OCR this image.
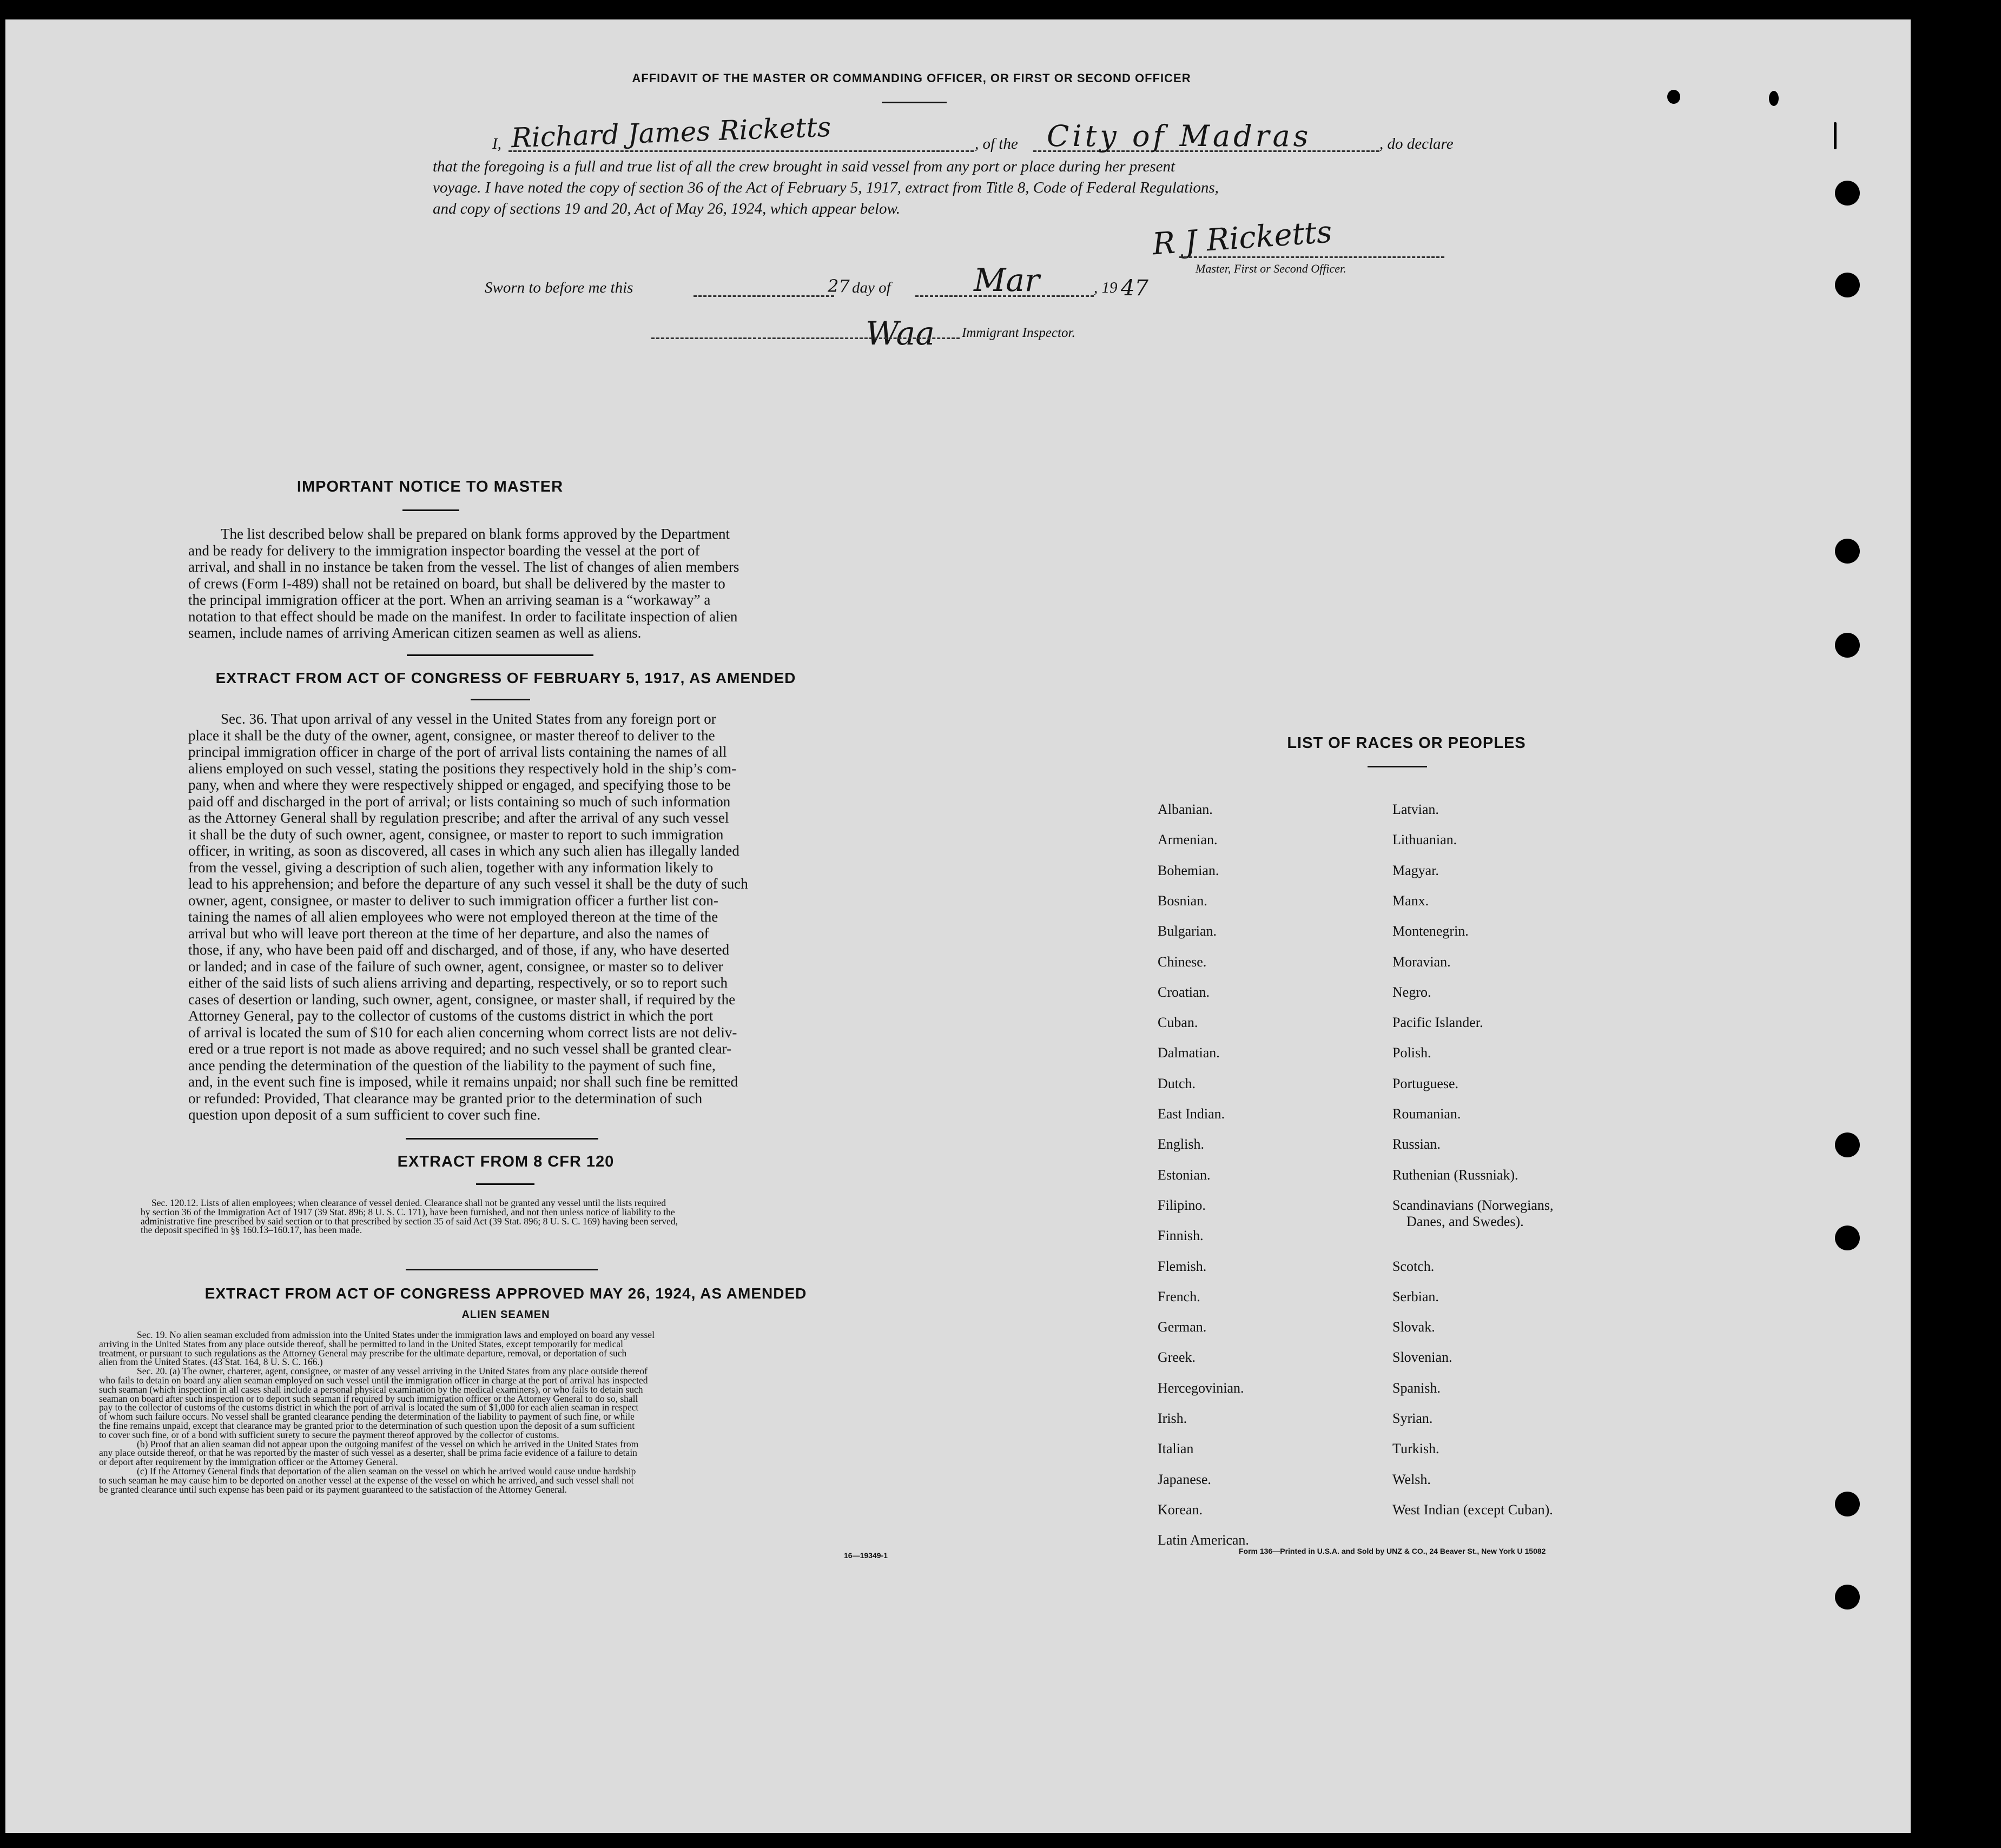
AFFIDAVIT OF THE MASTER OR COMMANDING OFFICER, OR FIRST OR SECOND OFFICER
I, Richard James Ricketts	, of the City of Madras	, do declare
that the foregoing is a full and true list of all the crew brought in said vessel from any port or place during her present
voyage. I have noted the copy of section 36 of the Act of February 5, 1917, extract from Title 8, Code of Federal Regulations,
and copy of sections 19 and 20, Act of May 26, 1924, which appear below.
R J Ricketts
Master, First or Second Officer.
Sworn to before me this	27 day of	Mar	, 19 47
Waa Immigrant Inspector.
IMPORTANT NOTICE TO MASTER
The list described below shall be prepared on blank forms approved by the Department
and be ready for delivery to the immigration inspector boarding the vessel at the port of
arrival, and shall in no instance be taken from the vessel. The list of changes of alien members
of crews (Form I-489) shall not be retained on board, but shall be delivered by the master to
the principal immigration officer at the port. When an arriving seaman is a “workaway” a
notation to that effect should be made on the manifest. In order to facilitate inspection of alien
seamen, include names of arriving American citizen seamen as well as aliens.
EXTRACT FROM ACT OF CONGRESS OF FEBRUARY 5, 1917, AS AMENDED
Sec. 36. That upon arrival of any vessel in the United States from any foreign port or
place it shall be the duty of the owner, agent, consignee, or master thereof to deliver to the
principal immigration officer in charge of the port of arrival lists containing the names of all
aliens employed on such vessel, stating the positions they respectively hold in the ship’s com-
pany, when and where they were respectively shipped or engaged, and specifying those to be
paid off and discharged in the port of arrival; or lists containing so much of such information
as the Attorney General shall by regulation prescribe; and after the arrival of any such vessel
it shall be the duty of such owner, agent, consignee, or master to report to such immigration
officer, in writing, as soon as discovered, all cases in which any such alien has illegally landed
from the vessel, giving a description of such alien, together with any information likely to
lead to his apprehension; and before the departure of any such vessel it shall be the duty of such
owner, agent, consignee, or master to deliver to such immigration officer a further list con-
taining the names of all alien employees who were not employed thereon at the time of the
arrival but who will leave port thereon at the time of her departure, and also the names of
those, if any, who have been paid off and discharged, and of those, if any, who have deserted
or landed; and in case of the failure of such owner, agent, consignee, or master so to deliver
either of the said lists of such aliens arriving and departing, respectively, or so to report such
cases of desertion or landing, such owner, agent, consignee, or master shall, if required by the
Attorney General, pay to the collector of customs of the customs district in which the port
of arrival is located the sum of $10 for each alien concerning whom correct lists are not deliv-
ered or a true report is not made as above required; and no such vessel shall be granted clear-
ance pending the determination of the question of the liability to the payment of such fine,
and, in the event such fine is imposed, while it remains unpaid; nor shall such fine be remitted
or refunded: Provided, That clearance may be granted prior to the determination of such
question upon deposit of a sum sufficient to cover such fine.
EXTRACT FROM 8 CFR 120
Sec. 120.12. Lists of alien employees; when clearance of vessel denied. Clearance shall not be granted any vessel until the lists required
by section 36 of the Immigration Act of 1917 (39 Stat. 896; 8 U. S. C. 171), have been furnished, and not then unless notice of liability to the
administrative fine prescribed by said section or to that prescribed by section 35 of said Act (39 Stat. 896; 8 U. S. C. 169) having been served,
the deposit specified in §§ 160.13–160.17, has been made.
EXTRACT FROM ACT OF CONGRESS APPROVED MAY 26, 1924, AS AMENDED
ALIEN SEAMEN
Sec. 19. No alien seaman excluded from admission into the United States under the immigration laws and employed on board any vessel
arriving in the United States from any place outside thereof, shall be permitted to land in the United States, except temporarily for medical
treatment, or pursuant to such regulations as the Attorney General may prescribe for the ultimate departure, removal, or deportation of such
alien from the United States. (43 Stat. 164, 8 U. S. C. 166.)
Sec. 20. (a) The owner, charterer, agent, consignee, or master of any vessel arriving in the United States from any place outside thereof
who fails to detain on board any alien seaman employed on such vessel until the immigration officer in charge at the port of arrival has inspected
such seaman (which inspection in all cases shall include a personal physical examination by the medical examiners), or who fails to detain such
seaman on board after such inspection or to deport such seaman if required by such immigration officer or the Attorney General to do so, shall
pay to the collector of customs of the customs district in which the port of arrival is located the sum of $1,000 for each alien seaman in respect
of whom such failure occurs. No vessel shall be granted clearance pending the determination of the liability to payment of such fine, or while
the fine remains unpaid, except that clearance may be granted prior to the determination of such question upon the deposit of a sum sufficient
to cover such fine, or of a bond with sufficient surety to secure the payment thereof approved by the collector of customs.
(b) Proof that an alien seaman did not appear upon the outgoing manifest of the vessel on which he arrived in the United States from
any place outside thereof, or that he was reported by the master of such vessel as a deserter, shall be prima facie evidence of a failure to detain
or deport after requirement by the immigration officer or the Attorney General.
(c) If the Attorney General finds that deportation of the alien seaman on the vessel on which he arrived would cause undue hardship
to such seaman he may cause him to be deported on another vessel at the expense of the vessel on which he arrived, and such vessel shall not
be granted clearance until such expense has been paid or its payment guaranteed to the satisfaction of the Attorney General.
16—19349-1
LIST OF RACES OR PEOPLES
Form 136—Printed in U.S.A. and Sold by UNZ & CO., 24 Beaver St., New York U 15082
Albanian.
Armenian.
Bohemian.
Bosnian.
Bulgarian.
Chinese.
Croatian.
Cuban.
Dalmatian.
Dutch.
East Indian.
English.
Estonian.
Filipino.
Finnish.
Flemish.
French.
German.
Greek.
Hercegovinian.
Irish.
Italian
Japanese.
Korean.
Latin American.
Latvian.
Lithuanian.
Magyar.
Manx.
Montenegrin.
Moravian.
Negro.
Pacific Islander.
Polish.
Portuguese.
Roumanian.
Russian.
Ruthenian (Russniak).
Scandinavians (Norwegians,
Danes, and Swedes).
Scotch.
Serbian.
Slovak.
Slovenian.
Spanish.
Syrian.
Turkish.
Welsh.
West Indian (except Cuban).
